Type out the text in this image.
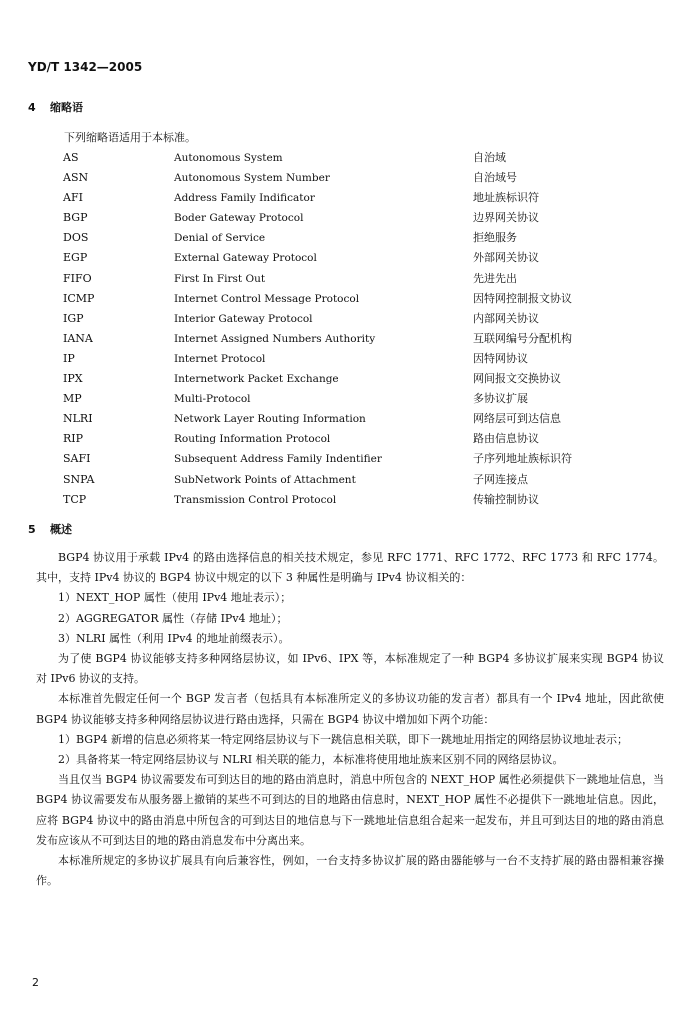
YD/T 1342—2005
4 缩略语
下列缩略语适用于本标准。
AS	Autonomous System	自治域
ASN	Autonomous System Number	自治域号
AFI	Address Family Indificator	地址族标识符
BGP	Boder Gateway Protocol	边界网关协议
DOS	Denial of Service	拒绝服务
EGP	External Gateway Protocol	外部网关协议
FIFO	First In First Out	先进先出
ICMP	Internet Control Message Protocol	因特网控制报文协议
IGP	Interior Gateway Protocol	内部网关协议
IANA	Internet Assigned Numbers Authority	互联网编号分配机构
IP	Internet Protocol	因特网协议
IPX	Internetwork Packet Exchange	网间报文交换协议
MP	Multi-Protocol	多协议扩展
NLRI	Network Layer Routing Information	网络层可到达信息
RIP	Routing Information Protocol	路由信息协议
SAFI	Subsequent Address Family Indentifier	子序列地址族标识符
SNPA	SubNetwork Points of Attachment	子网连接点
TCP	Transmission Control Protocol	传输控制协议
5 概述

BGP4 协议用于承载 IPv4 的路由选择信息的相关技术规定，参见 RFC 1771、RFC 1772、RFC 1773 和 RFC 1774。其中，支持 IPv4 协议的 BGP4 协议中规定的以下 3 种属性是明确与 IPv4 协议相关的：

1）NEXT_HOP 属性（使用 IPv4 地址表示）；
2）AGGREGATOR 属性（存储 IPv4 地址）；
3）NLRI 属性（利用 IPv4 的地址前缀表示）。

为了使 BGP4 协议能够支持多种网络层协议，如 IPv6、IPX 等，本标准规定了一种 BGP4 多协议扩展来实现 BGP4 协议对 IPv6 协议的支持。

本标准首先假定任何一个 BGP 发言者（包括具有本标准所定义的多协议功能的发言者）都具有一个 IPv4 地址，因此欲使 BGP4 协议能够支持多种网络层协议进行路由选择，只需在 BGP4 协议中增加如下两个功能：

1）BGP4 新增的信息必须将某一特定网络层协议与下一跳信息相关联，即下一跳地址用指定的网络层协议地址表示；

2）具备将某一特定网络层协议与 NLRI 相关联的能力，本标准将使用地址族来区别不同的网络层协议。

当且仅当 BGP4 协议需要发布可到达目的地的路由消息时，消息中所包含的 NEXT_HOP 属性必须提供下一跳地址信息，当 BGP4 协议需要发布从服务器上撤销的某些不可到达的目的地路由信息时，NEXT_HOP 属性不必提供下一跳地址信息。因此，应将 BGP4 协议中的路由消息中所包含的可到达目的地信息与下一跳地址信息组合起来一起发布，并且可到达目的地的路由消息发布应该从不可到达目的地的路由消息发布中分离出来。

本标准所规定的多协议扩展具有向后兼容性，例如，一台支持多协议扩展的路由器能够与一台不支持扩展的路由器相兼容操作。

2
